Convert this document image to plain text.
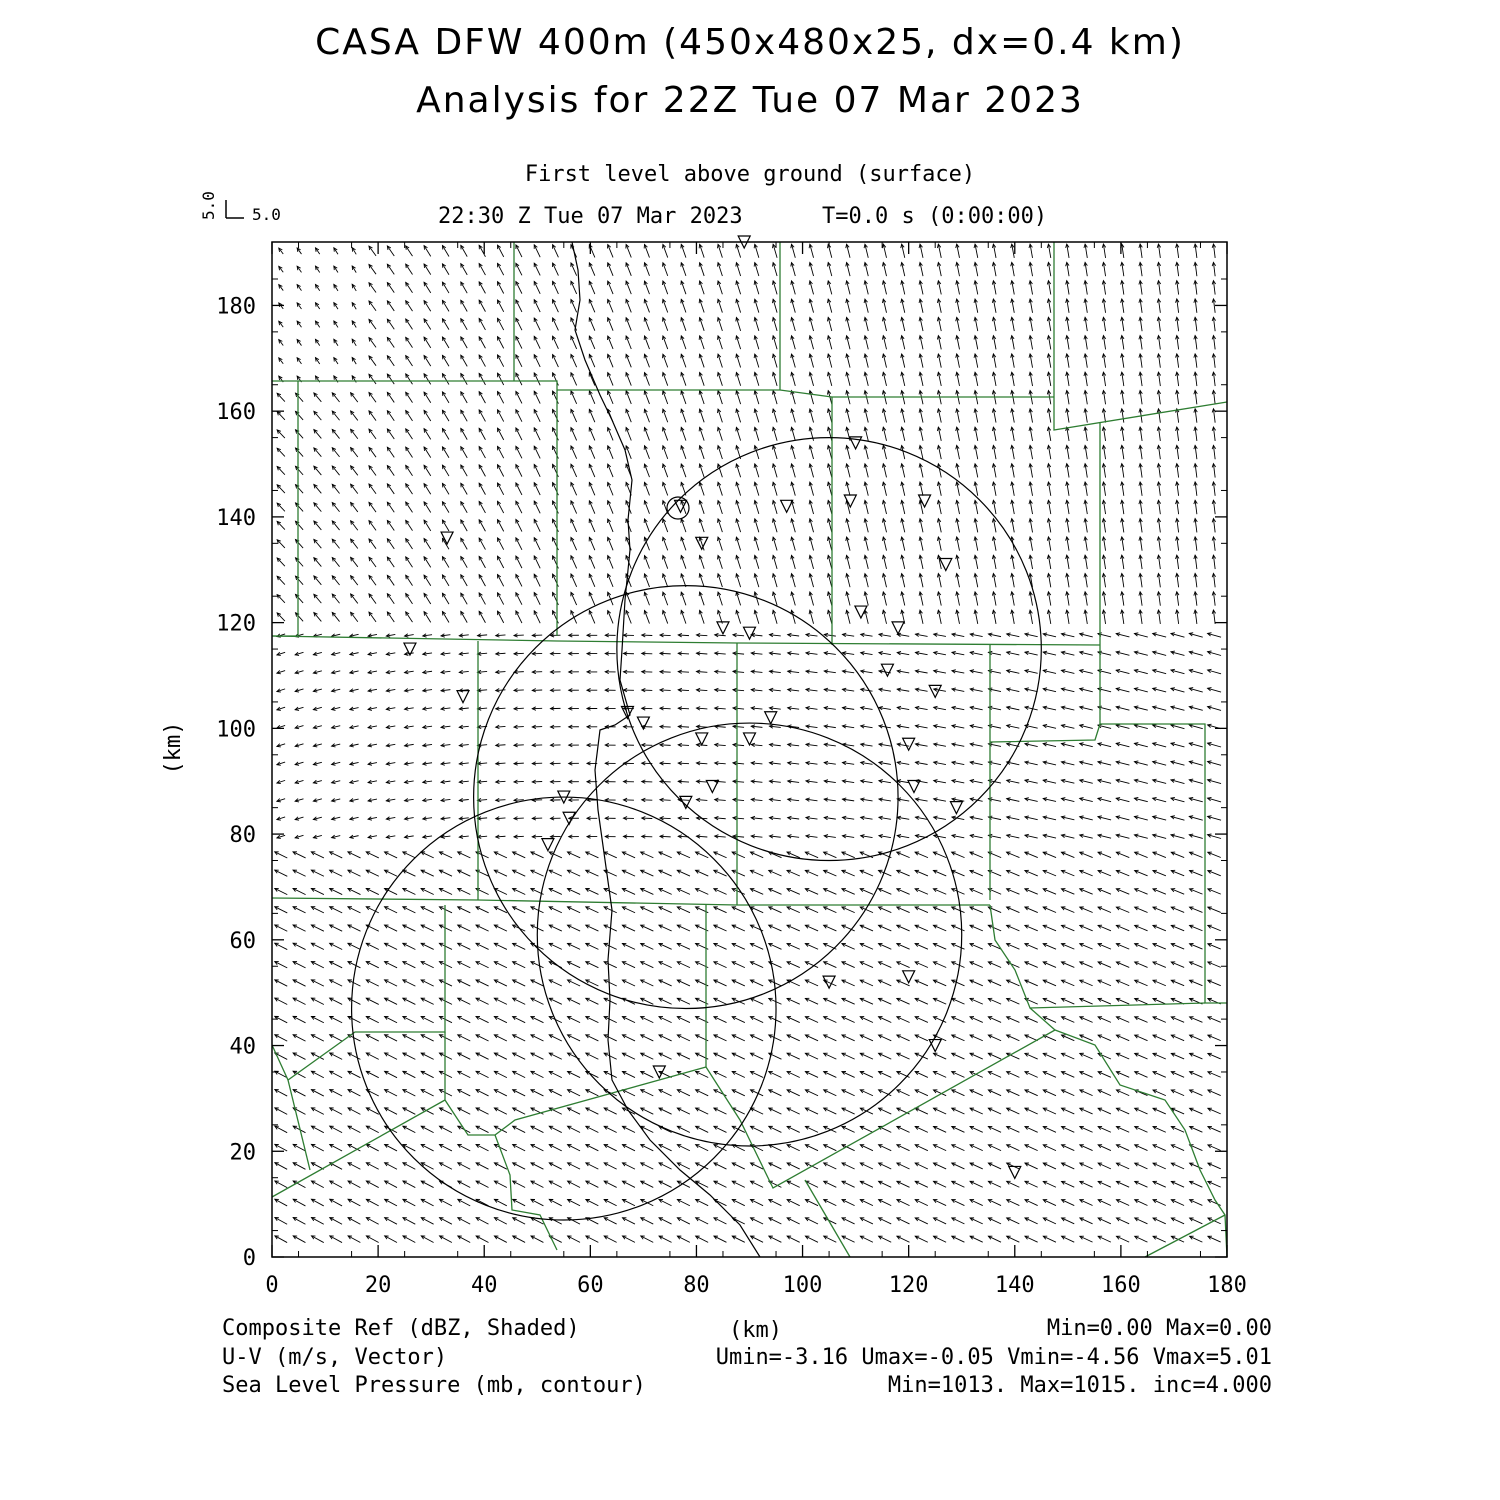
CASA DFW 400m (450x480x25, dx=0.4 km)
Analysis for 22Z Tue 07 Mar 2023
First level above ground (surface)
22:30 Z Tue 07 Mar 2023	T=0.0 s (0:00:00)
5.0
5.0
0	20	40	60	80	100	120	140	160	180
0
20
40
60
80
100
120
140
160
180
(km)
(km)
Composite Ref (dBZ, Shaded)	Min=0.00 Max=0.00
U-V (m/s, Vector)	Umin=-3.16 Umax=-0.05 Vmin=-4.56 Vmax=5.01
Sea Level Pressure (mb, contour)	Min=1013. Max=1015. inc=4.000
